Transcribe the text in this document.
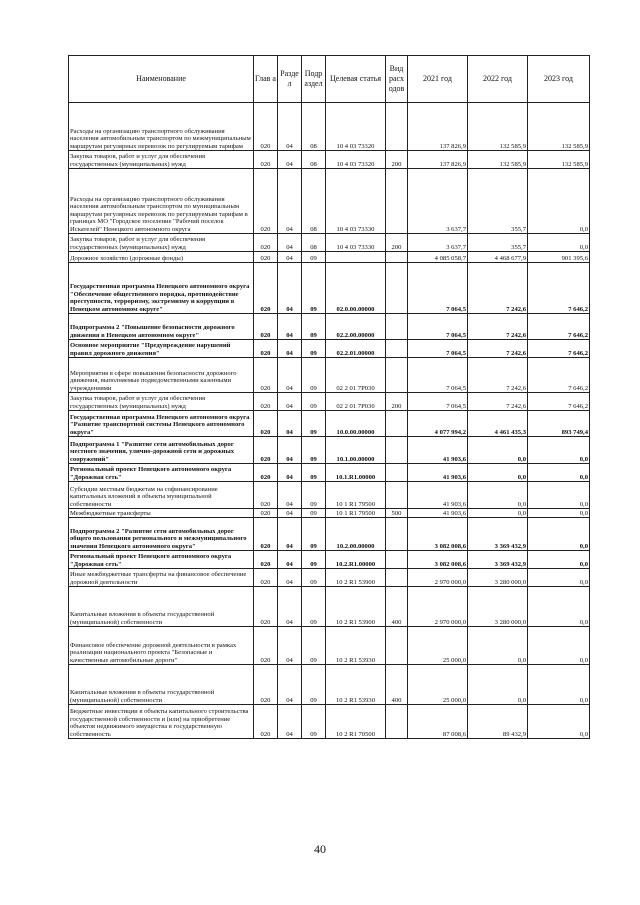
Наименование	Глав а	Разде л	Подр аздел	Целевая статья	Вид расх одов	2021 год	2022 год	2023 год
Расходы на организацию транспортного обслуживания населения автомобильным транспортом по межмуниципальным маршрутам регулярных перевозок по регулируемым тарифам	020	04	08	10 4 03 73320		137 826,9	132 585,9	132 585,9
Закупка товаров, работ и услуг для обеспечения государственных (муниципальных) нужд	020	04	08	10 4 03 73320	200	137 826,9	132 585,9	132 585,9
Расходы на организацию транспортного обслуживания населения автомобильным транспортом по муниципальным маршрутам регулярных перевозок по регулируемым тарифам в границах МО "Городское поселение "Рабочий поселок Искателей" Ненецкого автономного округа	020	04	08	10 4 03 73330		3 637,7	355,7	0,0
Закупка товаров, работ и услуг для обеспечения государственных (муниципальных) нужд	020	04	08	10 4 03 73330	200	3 637,7	355,7	0,0
Дорожное хозяйство (дорожные фонды)	020	04	09			4 085 058,7	4 468 677,9	901 395,6
Государственная программа Ненецкого автономного округа "Обеспечение общественного порядка, противодействие преступности, терроризму, экстремизму и коррупции в Ненецком автономном округе"	020	04	09	02.0.00.00000		7 064,5	7 242,6	7 646,2
Подпрограмма 2 "Повышение безопасности дорожного движения в Ненецком автономном округе"	020	04	09	02.2.00.00000		7 064,5	7 242,6	7 646,2
Основное мероприятие "Предупреждение нарушений правил дорожного движения"	020	04	09	02.2.01.00000		7 064,5	7 242,6	7 646,2
Мероприятия в сфере повышения безопасности дорожного движения, выполняемые подведомственными казенными учреждениями	020	04	09	02 2 01 7Р030		7 064,5	7 242,6	7 646,2
Закупка товаров, работ и услуг для обеспечения государственных (муниципальных) нужд	020	04	09	02 2 01 7Р030	200	7 064,5	7 242,6	7 646,2
Государственная программа Ненецкого автономного округа "Развитие транспортной системы Ненецкого автономного округа"	020	04	09	10.0.00.00000		4 077 994,2	4 461 435,3	893 749,4
Подпрограмма 1 "Развитие сети автомобильных дорог местного значения, улично-дорожной сети и дорожных сооружений"	020	04	09	10.1.00.00000		41 903,6	0,0	0,0
Региональный проект Ненецкого автономного округа "Дорожная сеть"	020	04	09	10.1.R1.00000		41 903,6	0,0	0,0
Субсидии местным бюджетам на софинансирование капитальных вложений в объекты муниципальной собственности	020	04	09	10 1 R1 79500		41 903,6	0,0	0,0
Межбюджетные трансферты	020	04	09	10 1 R1 79500	500	41 903,6	0,0	0,0
Подпрограмма 2 "Развитие сети автомобильных дорог общего пользования регионального и межмуниципального значения Ненецкого автономного округа"	020	04	09	10.2.00.00000		3 082 008,6	3 369 432,9	0,0
Региональный проект Ненецкого автономного округа "Дорожная сеть"	020	04	09	10.2.R1.00000		3 082 008,6	3 369 432,9	0,0
Иные межбюджетные трансферты на финансовое обеспечение дорожной деятельности	020	04	09	10 2 R1 53900		2 970 000,0	3 280 000,0	0,0
Капитальные вложения в объекты государственной (муниципальной) собственности	020	04	09	10 2 R1 53900	400	2 970 000,0	3 280 000,0	0,0
Финансовое обеспечение дорожной деятельности в рамках реализации национального проекта "Безопасные и качественные автомобильные дороги"	020	04	09	10 2 R1 53930		25 000,0	0,0	0,0
Капитальные вложения в объекты государственной (муниципальной) собственности	020	04	09	10 2 R1 53930	400	25 000,0	0,0	0,0
Бюджетные инвестиции в объекты капитального строительства государственной собственности и (или) на приобретение объектов недвижимого имущества в государственную собственность	020	04	09	10 2 R1 70500		87 008,6	89 432,9	0,0
40
